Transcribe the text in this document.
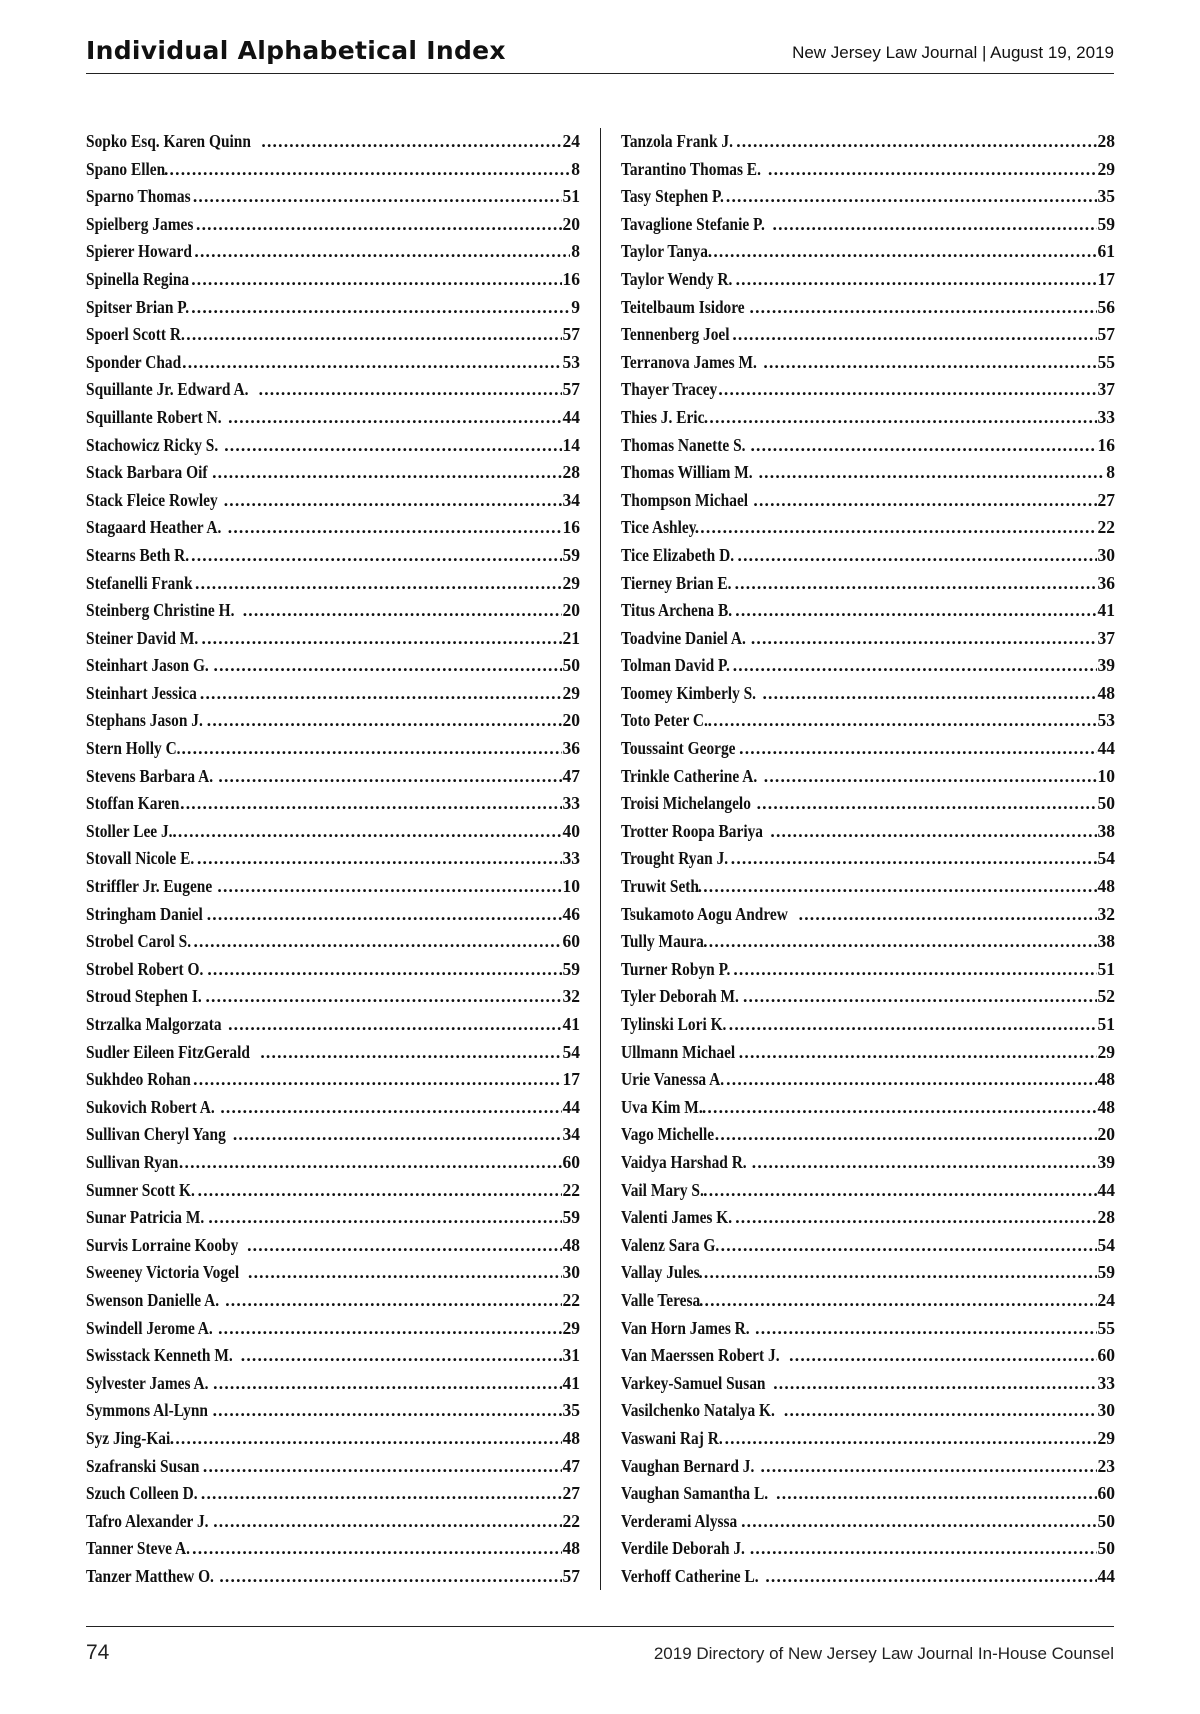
Individual Alphabetical Index	New Jersey Law Journal | August 19, 2019
Sopko Esq. Karen Quinn .....	24
Spano Ellen .....	8
Sparno Thomas .....	51
Spielberg James .....	20
Spierer Howard .....	8
Spinella Regina .....	16
Spitser Brian P. .....	9
Spoerl Scott R. .....	57
Sponder Chad .....	53
Squillante Jr. Edward A. .....	57
Squillante Robert N. .....	44
Stachowicz Ricky S. .....	14
Stack Barbara Oif .....	28
Stack Fleice Rowley .....	34
Stagaard Heather A. .....	16
Stearns Beth R. .....	59
Stefanelli Frank .....	29
Steinberg Christine H. .....	20
Steiner David M. .....	21
Steinhart Jason G. .....	50
Steinhart Jessica .....	29
Stephans Jason J. .....	20
Stern Holly C. .....	36
Stevens Barbara A. .....	47
Stoffan Karen .....	33
Stoller Lee J. .....	40
Stovall Nicole E. .....	33
Striffler Jr. Eugene .....	10
Stringham Daniel .....	46
Strobel Carol S. .....	60
Strobel Robert O. .....	59
Stroud Stephen I. .....	32
Strzalka Malgorzata .....	41
Sudler Eileen FitzGerald .....	54
Sukhdeo Rohan .....	17
Sukovich Robert A. .....	44
Sullivan Cheryl Yang .....	34
Sullivan Ryan .....	60
Sumner Scott K. .....	22
Sunar Patricia M. .....	59
Survis Lorraine Kooby .....	48
Sweeney Victoria Vogel .....	30
Swenson Danielle A. .....	22
Swindell Jerome A. .....	29
Swisstack Kenneth M. .....	31
Sylvester James A. .....	41
Symmons Al-Lynn .....	35
Syz Jing-Kai .....	48
Szafranski Susan .....	47
Szuch Colleen D. .....	27
Tafro Alexander J. .....	22
Tanner Steve A. .....	48
Tanzer Matthew O. .....	57
Tanzola Frank J. .....	28
Tarantino Thomas E. .....	29
Tasy Stephen P. .....	35
Tavaglione Stefanie P. .....	59
Taylor Tanya .....	61
Taylor Wendy R. .....	17
Teitelbaum Isidore .....	56
Tennenberg Joel .....	57
Terranova James M. .....	55
Thayer Tracey .....	37
Thies J. Eric .....	33
Thomas Nanette S. .....	16
Thomas William M. .....	8
Thompson Michael .....	27
Tice Ashley .....	22
Tice Elizabeth D. .....	30
Tierney Brian E. .....	36
Titus Archena B. .....	41
Toadvine Daniel A. .....	37
Tolman David P. .....	39
Toomey Kimberly S. .....	48
Toto Peter C. .....	53
Toussaint George .....	44
Trinkle Catherine A. .....	10
Troisi Michelangelo .....	50
Trotter Roopa Bariya .....	38
Trought Ryan J. .....	54
Truwit Seth .....	48
Tsukamoto Aogu Andrew .....	32
Tully Maura .....	38
Turner Robyn P. .....	51
Tyler Deborah M. .....	52
Tylinski Lori K. .....	51
Ullmann Michael .....	29
Urie Vanessa A. .....	48
Uva Kim M. .....	48
Vago Michelle .....	20
Vaidya Harshad R. .....	39
Vail Mary S. .....	44
Valenti James K. .....	28
Valenz Sara G. .....	54
Vallay Jules .....	59
Valle Teresa .....	24
Van Horn James R. .....	55
Van Maerssen Robert J. .....	60
Varkey-Samuel Susan .....	33
Vasilchenko Natalya K. .....	30
Vaswani Raj R. .....	29
Vaughan Bernard J. .....	23
Vaughan Samantha L. .....	60
Verderami Alyssa .....	50
Verdile Deborah J. .....	50
Verhoff Catherine L. .....	44
74	2019 Directory of New Jersey Law Journal In-House Counsel
